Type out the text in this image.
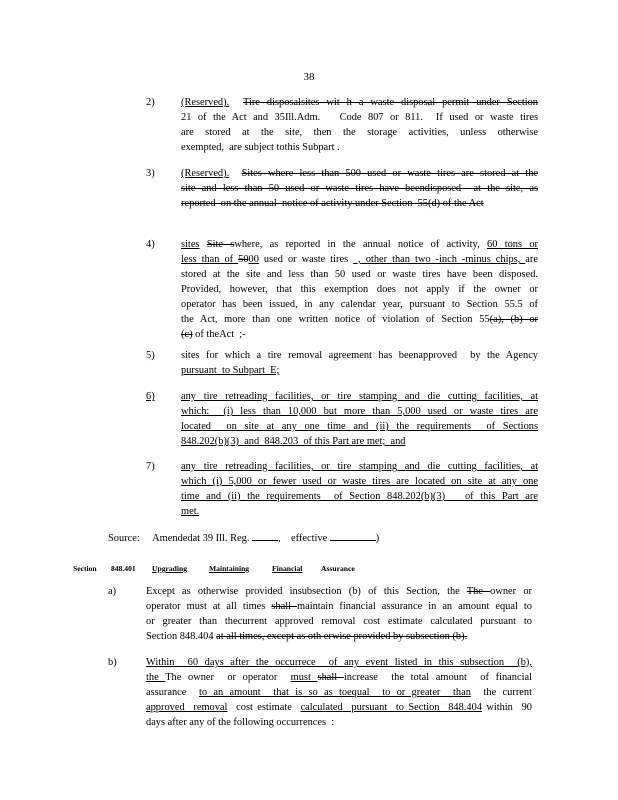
38
2)	(Reserved). Tire disposalsites wit h a waste disposal permit under Section
21 of the Act and 35Ill.Adm.   Code 807 or 811.  If used or waste tires
are stored at the site, then the storage activities, unless otherwise
exempted,  are subject tothis Subpart .
3)	(Reserved). Sites where less than 500 used or waste tires are stored at the
site and less than 50 used or waste tires have beendisposed  at the site, as
reported  on the annual  notice of activity under Section  55(d) of the Act
4)	sites Site swhere, as reported in the annual notice of activity, 60 tons or
less than of 5000 used or waste tires  , other than two -inch -minus chips, are
stored at the site and less than 50 used or waste tires have been disposed.
Provided, however, that this exemption does not apply if the owner or
operator has been issued, in any calendar year, pursuant to Section 55.5 of
the Act, more than one written notice of violation of Section 55(a), (b) or
(c) of theAct  ;-
5)	sites for which a tire removal agreement has beenapproved  by the Agency
pursuant  to Subpart  E;
6)	any tire retreading facilities, or tire stamping and die cutting facilities, at
which:  (i) less than 10,000 but more than 5,000 used or waste tires are
located  on site at any one time and (ii) the requirements  of Sections
848.202(b)(3)  and  848.203  of this Part are met;  and
7)	any tire retreading facilities, or tire stamping and die cutting facilities, at
which (i) 5,000 or fewer used or waste tires are located on site at any one
time and (ii) the requirements  of Section 848.202(b)(3)   of this Part are
met.
a)	Except as otherwise provided insubsection (b) of this Section, the The owner or
operator must at all times shall maintain financial assurance in an amount equal to
or greater than thecurrent approved removal cost estimate calculated pursuant to
Section 848.404 at all times, except as oth erwise provided by subsection (b).
b)	Within  60 days after the occurrece  of any event listed in this subsection  (b),
the The owner  or operator  must shall increase  the total amount  of financial
assurance  to an amount  that is so as toequal  to or greater  than  the current
approved  removal  cost estimate  calculated  pursuant  to Section  848.404 within  90
days after any of the following occurrences  :
Source: Amendedat 39 Ill. Reg.	,    effective	)
Section 848.401 Upgrading	Maintaining	Financial Assurance
